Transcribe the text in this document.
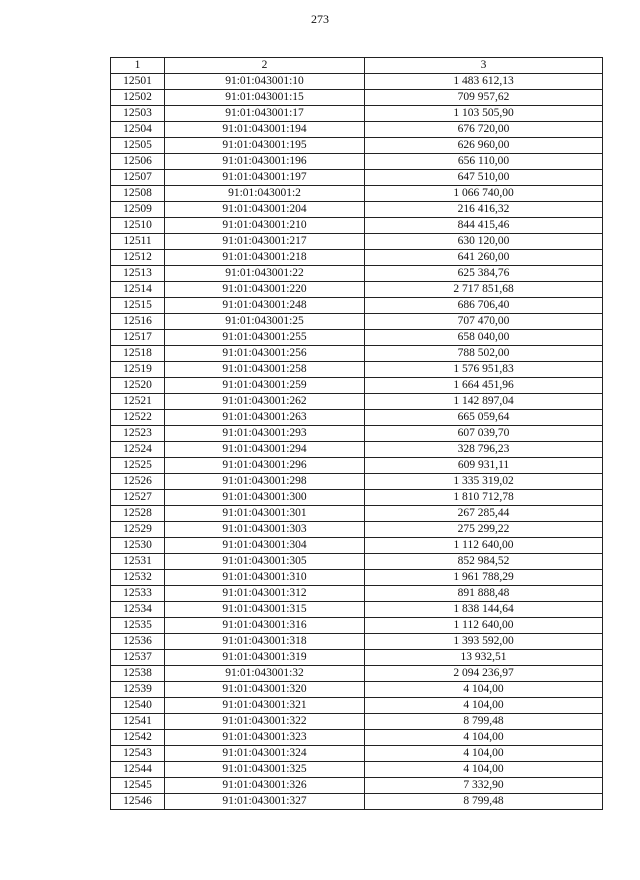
273
1	2	3
12501	91:01:043001:10	1 483 612,13
12502	91:01:043001:15	709 957,62
12503	91:01:043001:17	1 103 505,90
12504	91:01:043001:194	676 720,00
12505	91:01:043001:195	626 960,00
12506	91:01:043001:196	656 110,00
12507	91:01:043001:197	647 510,00
12508	91:01:043001:2	1 066 740,00
12509	91:01:043001:204	216 416,32
12510	91:01:043001:210	844 415,46
12511	91:01:043001:217	630 120,00
12512	91:01:043001:218	641 260,00
12513	91:01:043001:22	625 384,76
12514	91:01:043001:220	2 717 851,68
12515	91:01:043001:248	686 706,40
12516	91:01:043001:25	707 470,00
12517	91:01:043001:255	658 040,00
12518	91:01:043001:256	788 502,00
12519	91:01:043001:258	1 576 951,83
12520	91:01:043001:259	1 664 451,96
12521	91:01:043001:262	1 142 897,04
12522	91:01:043001:263	665 059,64
12523	91:01:043001:293	607 039,70
12524	91:01:043001:294	328 796,23
12525	91:01:043001:296	609 931,11
12526	91:01:043001:298	1 335 319,02
12527	91:01:043001:300	1 810 712,78
12528	91:01:043001:301	267 285,44
12529	91:01:043001:303	275 299,22
12530	91:01:043001:304	1 112 640,00
12531	91:01:043001:305	852 984,52
12532	91:01:043001:310	1 961 788,29
12533	91:01:043001:312	891 888,48
12534	91:01:043001:315	1 838 144,64
12535	91:01:043001:316	1 112 640,00
12536	91:01:043001:318	1 393 592,00
12537	91:01:043001:319	13 932,51
12538	91:01:043001:32	2 094 236,97
12539	91:01:043001:320	4 104,00
12540	91:01:043001:321	4 104,00
12541	91:01:043001:322	8 799,48
12542	91:01:043001:323	4 104,00
12543	91:01:043001:324	4 104,00
12544	91:01:043001:325	4 104,00
12545	91:01:043001:326	7 332,90
12546	91:01:043001:327	8 799,48
